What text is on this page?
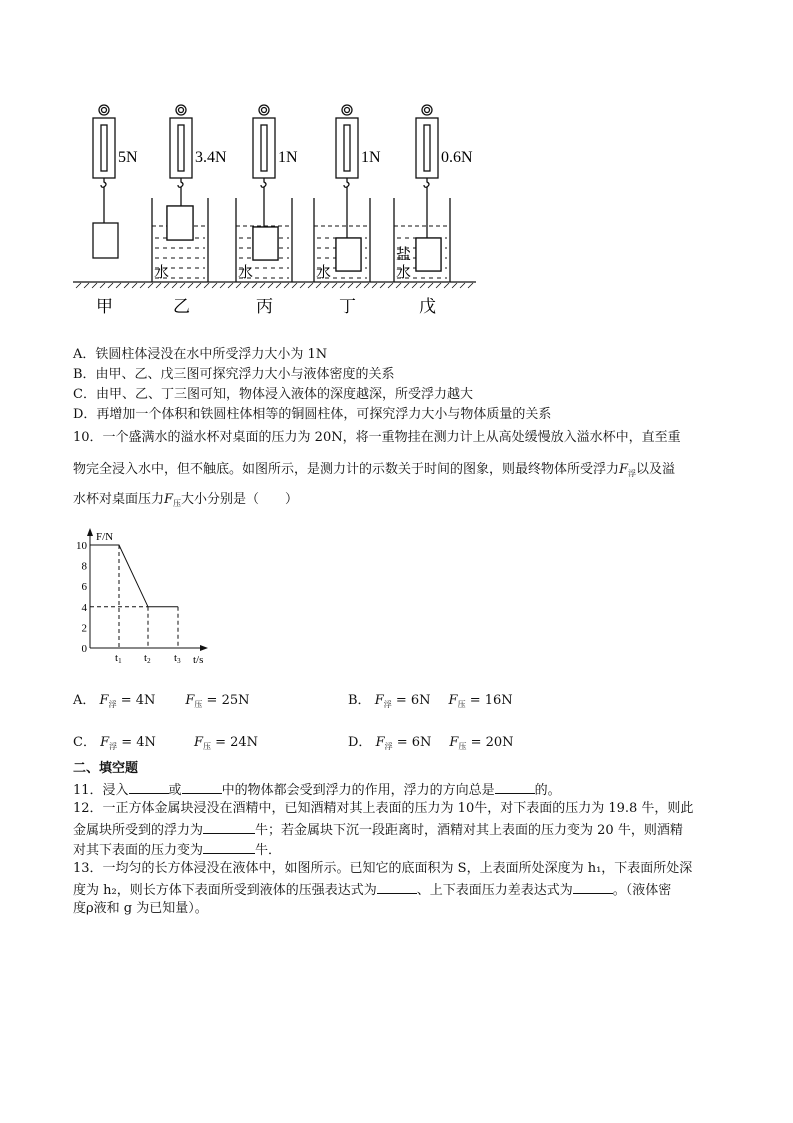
5N
甲
3.4N
乙
水
1N
丙
水
1N
丁
水
0.6N
戊
盐
水
A．铁圆柱体浸没在水中所受浮力大小为 1N
B．由甲、乙、戊三图可探究浮力大小与液体密度的关系
C．由甲、乙、丁三图可知，物体浸入液体的深度越深，所受浮力越大
D．再增加一个体积和铁圆柱体相等的铜圆柱体，可探究浮力大小与物体质量的关系
10．一个盛满水的溢水杯对桌面的压力为 20N，将一重物挂在测力计上从高处缓慢放入溢水杯中，直至重
物完全浸入水中，但不触底。如图所示，是测力计的示数关于时间的图象，则最终物体所受浮力$F_浮$以及溢
水杯对桌面压力$F_压$大小分别是（　　）
F/N
t/s
0
2
4
6
8
10
t1 t2 t3
A． $F_浮 = 4N$ $F_压 = 25N$	B． $F_浮 = 6N$ $F_压 = 16N$
C． $F_浮 = 4N$	$F_压 = 24N$	D． $F_浮 = 6N$ $F_压 = 20N$
二、填空题
11．浸入	或	中的物体都会受到浮力的作用，浮力的方向总是	的。
12．一正方体金属块浸没在酒精中，已知酒精对其上表面的压力为 10牛，对下表面的压力为 19.8 牛，则此
金属块所受到的浮力为	牛；若金属块下沉一段距离时，酒精对其上表面的压力变为 20 牛，则酒精
对其下表面的压力变为	牛．
13．一均匀的长方体浸没在液体中，如图所示。已知它的底面积为 S，上表面所处深度为 h₁，下表面所处深
度为 h₂，则长方体下表面所受到液体的压强表达式为	、上下表面压力差表达式为	。（液体密
度ρ液和 g 为已知量）。
